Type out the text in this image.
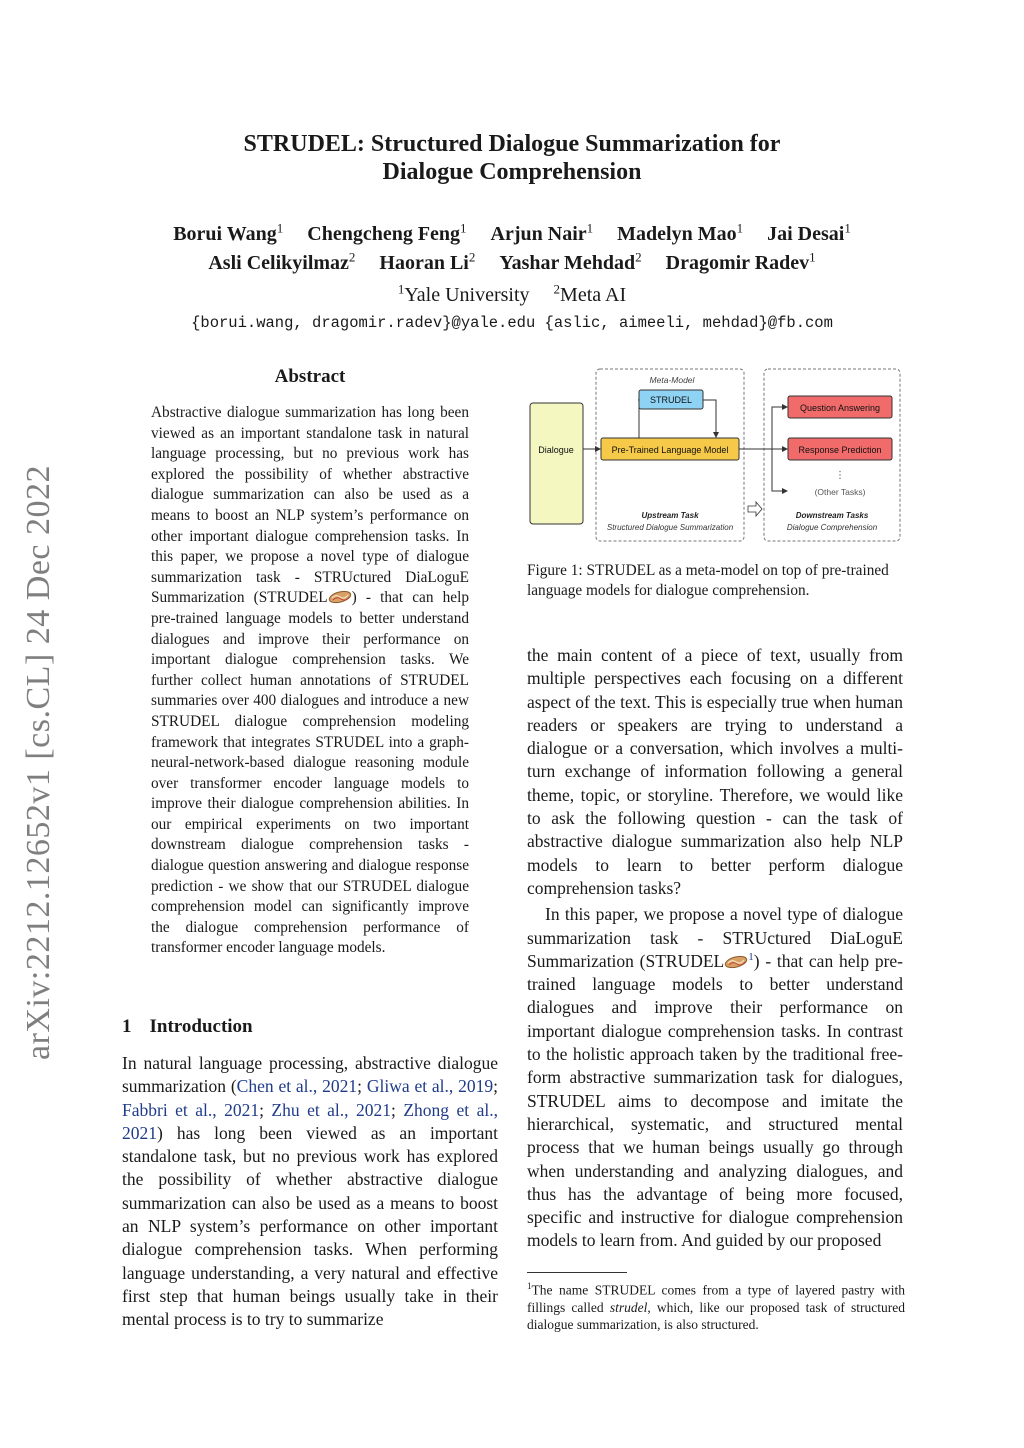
arXiv:2212.12652v1 [cs.CL] 24 Dec 2022
STRUDEL: Structured Dialogue Summarization for
Dialogue Comprehension
Borui Wang$^1$ Chengcheng Feng$^1$ Arjun Nair$^1$ Madelyn Mao$^1$ Jai Desai$^1$
Asli Celikyilmaz$^2$ Haoran Li$^2$ Yashar Mehdad$^2$ Dragomir Radev$^1$
$^1$Yale University $^2$Meta AI
{borui.wang, dragomir.radev}@yale.edu {aslic, aimeeli, mehdad}@fb.com
Abstract
Abstractive dialogue summarization has long been viewed as an important standalone task in natural language processing, but no previous work has explored the possibility of whether abstractive dialogue summarization can also be used as a means to boost an NLP system’s performance on other important dialogue comprehension tasks. In this paper, we propose a novel type of dialogue summarization task - STRUctured DiaLoguE Summarization (STRUDEL ) - that can help pre-trained language models to better understand dialogues and improve their performance on important dialogue comprehension tasks. We further collect human annotations of STRUDEL summaries over 400 dialogues and introduce a new STRUDEL dialogue comprehension modeling framework that integrates STRUDEL into a graph-neural-network-based dialogue reasoning module over transformer encoder language models to improve their dialogue comprehension abilities. In our empirical experiments on two important downstream dialogue comprehension tasks - dialogue question answering and dialogue response prediction - we show that our STRUDEL dialogue comprehension model can significantly improve the dialogue comprehension performance of transformer encoder language models.
1 Introduction
In natural language processing, abstractive dialogue summarization (Chen et al., 2021; Gliwa et al., 2019; Fabbri et al., 2021; Zhu et al., 2021; Zhong et al., 2021) has long been viewed as an important standalone task, but no previous work has explored the possibility of whether abstractive dialogue summarization can also be used as a means to boost an NLP system’s performance on other important dialogue comprehension tasks. When performing language understanding, a very natural and effective first step that human beings usually take in their mental process is to try to summarize
Meta-Model
STRUDEL
Dialogue	Pre-Trained Language Model
Question Answering
Response Prediction
⋮
(Other Tasks)
Upstream Task
Structured Dialogue Summarization
Downstream Tasks
Dialogue Comprehension
Figure 1: STRUDEL as a meta-model on top of pre-trained language models for dialogue comprehension.

the main content of a piece of text, usually from multiple perspectives each focusing on a different aspect of the text. This is especially true when human readers or speakers are trying to understand a dialogue or a conversation, which involves a multi-turn exchange of information following a general theme, topic, or storyline. Therefore, we would like to ask the following question - can the task of abstractive dialogue summarization also help NLP models to learn to better perform dialogue comprehension tasks?

In this paper, we propose a novel type of dialogue summarization task - STRUctured DiaLoguE Summarization (STRUDEL $^1$) - that can help pre-trained language models to better understand dialogues and improve their performance on important dialogue comprehension tasks. In contrast to the holistic approach taken by the traditional free-form abstractive summarization task for dialogues, STRUDEL aims to decompose and imitate the hierarchical, systematic, and structured mental process that we human beings usually go through when understanding and analyzing dialogues, and thus has the advantage of being more focused, specific and instructive for dialogue comprehension models to learn from. And guided by our proposed

$^1$The name STRUDEL comes from a type of layered pastry with fillings called strudel, which, like our proposed task of structured dialogue summarization, is also structured.
